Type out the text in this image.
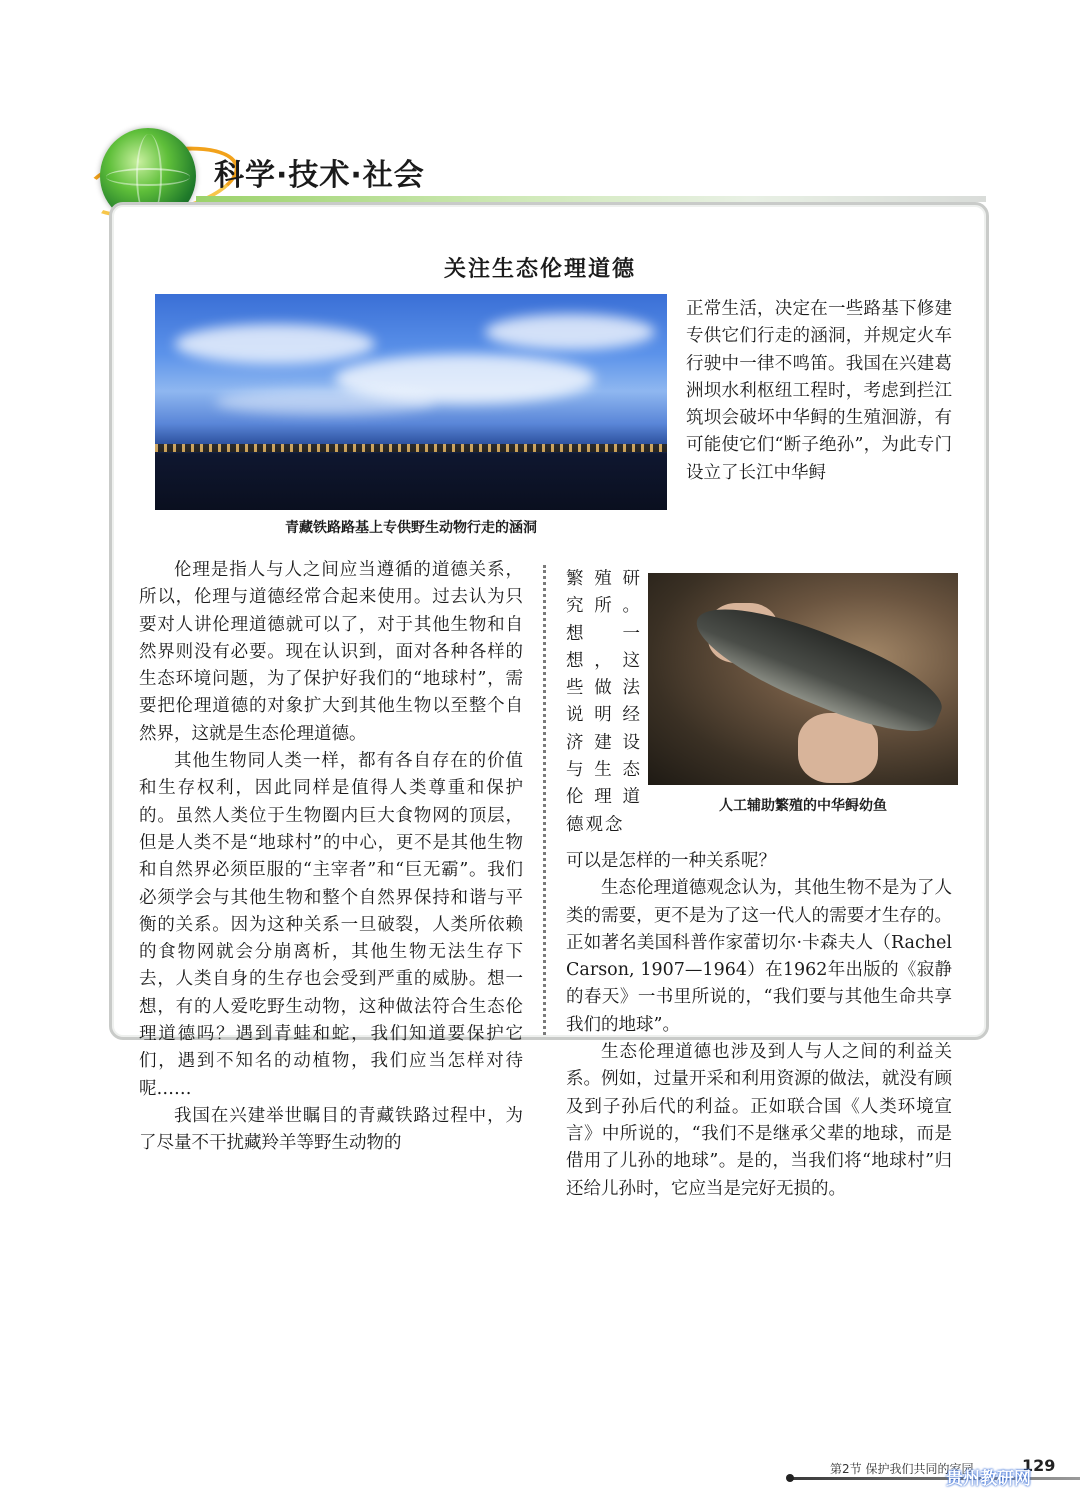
科学·技术·社会
关注生态伦理道德
青藏铁路路基上专供野生动物行走的涵洞

正常生活，决定在一些路基下修建专供它们行走的涵洞，并规定火车行驶中一律不鸣笛。我国在兴建葛洲坝水利枢纽工程时，考虑到拦江筑坝会破坏中华鲟的生殖洄游，有可能使它们“断子绝孙”，为此专门设立了长江中华鲟

繁殖研究所。想一想，这些做法说明经济建设与生态伦理道德观念

人工辅助繁殖的中华鲟幼鱼

可以是怎样的一种关系呢？

生态伦理道德观念认为，其他生物不是为了人类的需要，更不是为了这一代人的需要才生存的。正如著名美国科普作家蕾切尔·卡森夫人（Rachel Carson, 1907—1964）在1962年出版的《寂静的春天》一书里所说的，“我们要与其他生命共享我们的地球”。

生态伦理道德也涉及到人与人之间的利益关系。例如，过量开采和利用资源的做法，就没有顾及到子孙后代的利益。正如联合国《人类环境宣言》中所说的，“我们不是继承父辈的地球，而是借用了儿孙的地球”。是的，当我们将“地球村”归还给儿孙时，它应当是完好无损的。

伦理是指人与人之间应当遵循的道德关系，所以，伦理与道德经常合起来使用。过去认为只要对人讲伦理道德就可以了，对于其他生物和自然界则没有必要。现在认识到，面对各种各样的生态环境问题，为了保护好我们的“地球村”，需要把伦理道德的对象扩大到其他生物以至整个自然界，这就是生态伦理道德。

其他生物同人类一样，都有各自存在的价值和生存权利，因此同样是值得人类尊重和保护的。虽然人类位于生物圈内巨大食物网的顶层，但是人类不是“地球村”的中心，更不是其他生物和自然界必须臣服的“主宰者”和“巨无霸”。我们必须学会与其他生物和整个自然界保持和谐与平衡的关系。因为这种关系一旦破裂，人类所依赖的食物网就会分崩离析，其他生物无法生存下去，人类自身的生存也会受到严重的威胁。想一想，有的人爱吃野生动物，这种做法符合生态伦理道德吗？遇到青蛙和蛇，我们知道要保护它们，遇到不知名的动植物，我们应当怎样对待呢……

我国在兴建举世瞩目的青藏铁路过程中，为了尽量不干扰藏羚羊等野生动物的

第2节 保护我们共同的家园	129
贵州教研网
